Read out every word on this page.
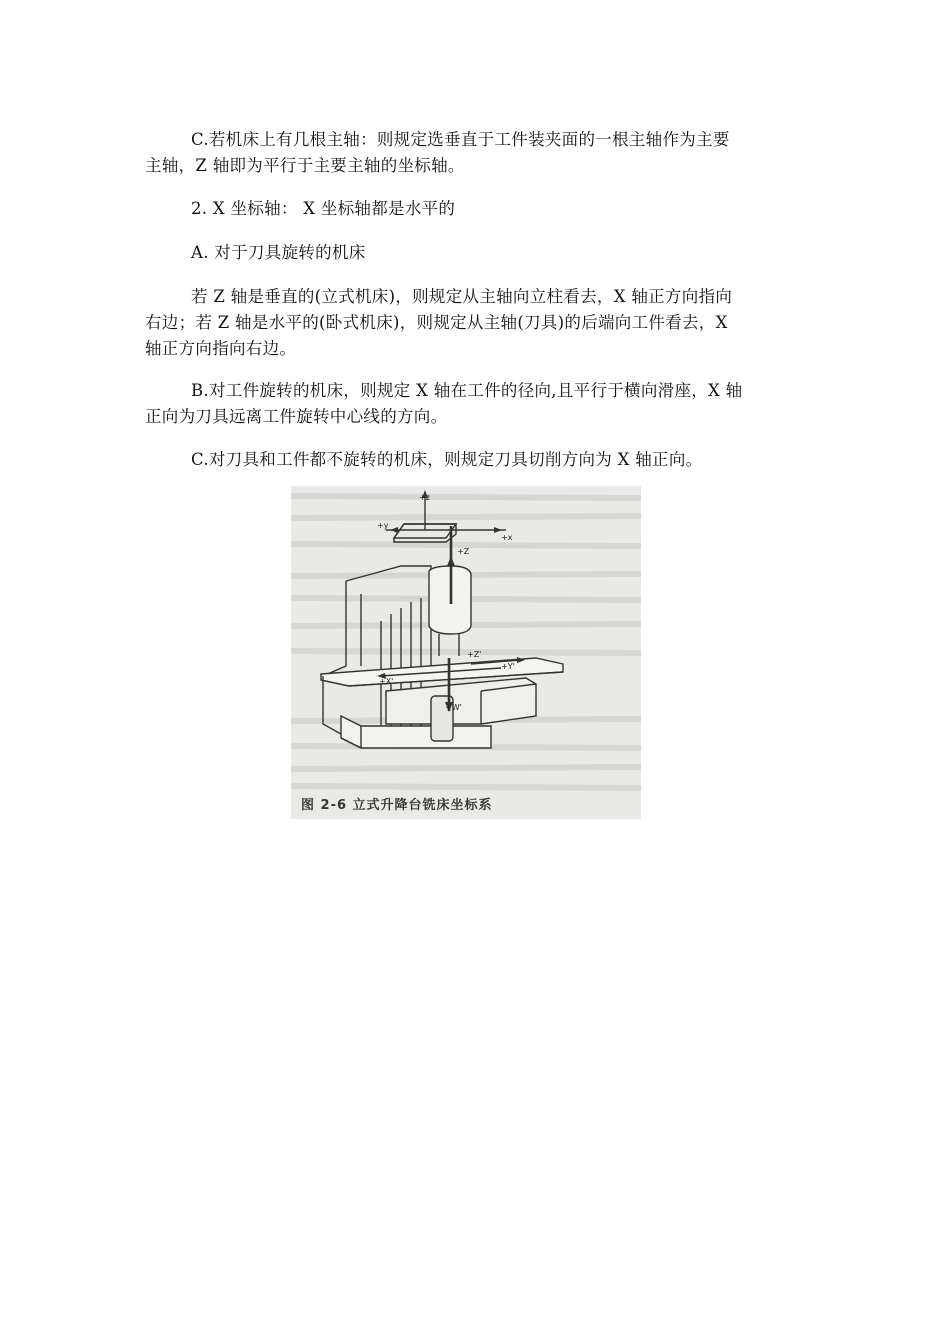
C.若机床上有几根主轴：则规定选垂直于工件装夹面的一根主轴作为主要
主轴，Z 轴即为平行于主要主轴的坐标轴。

2. X 坐标轴： X 坐标轴都是水平的

A. 对于刀具旋转的机床

若 Z 轴是垂直的(立式机床)，则规定从主轴向立柱看去，X 轴正方向指向
右边；若 Z 轴是水平的(卧式机床)，则规定从主轴(刀具)的后端向工件看去，X
轴正方向指向右边。

B.对工件旋转的机床，则规定 X 轴在工件的径向,且平行于横向滑座，X 轴
正向为刀具远离工件旋转中心线的方向。

C.对刀具和工件都不旋转的机床，则规定刀具切削方向为 X 轴正向。

+z
+y
+x
+Z
+Z'
+Y'
+X'
+W'
图 2-6 立式升降台铣床坐标系
